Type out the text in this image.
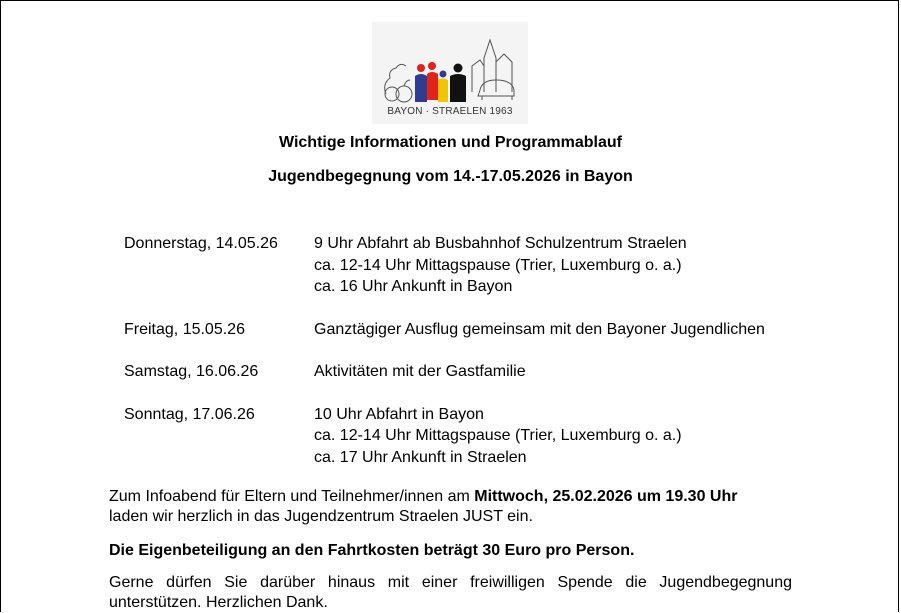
BAYON · STRAELEN 1963
Wichtige Informationen und Programmablauf
Jugendbegegnung vom 14.-17.05.2026 in Bayon
Donnerstag, 14.05.26	9 Uhr Abfahrt ab Busbahnhof Schulzentrum Straelen
ca. 12-14 Uhr Mittagspause (Trier, Luxemburg o. a.)
ca. 16 Uhr Ankunft in Bayon
Freitag, 15.05.26	Ganztägiger Ausflug gemeinsam mit den Bayoner Jugendlichen
Samstag, 16.06.26	Aktivitäten mit der Gastfamilie
Sonntag, 17.06.26	10 Uhr Abfahrt in Bayon
ca. 12-14 Uhr Mittagspause (Trier, Luxemburg o. a.)
ca. 17 Uhr Ankunft in Straelen
Zum Infoabend für Eltern und Teilnehmer/innen am Mittwoch, 25.02.2026 um 19.30 Uhr
laden wir herzlich in das Jugendzentrum Straelen JUST ein.
Die Eigenbeteiligung an den Fahrtkosten beträgt 30 Euro pro Person.
Gerne dürfen Sie darüber hinaus mit einer freiwilligen Spende die Jugendbegegnung
unterstützen. Herzlichen Dank.
